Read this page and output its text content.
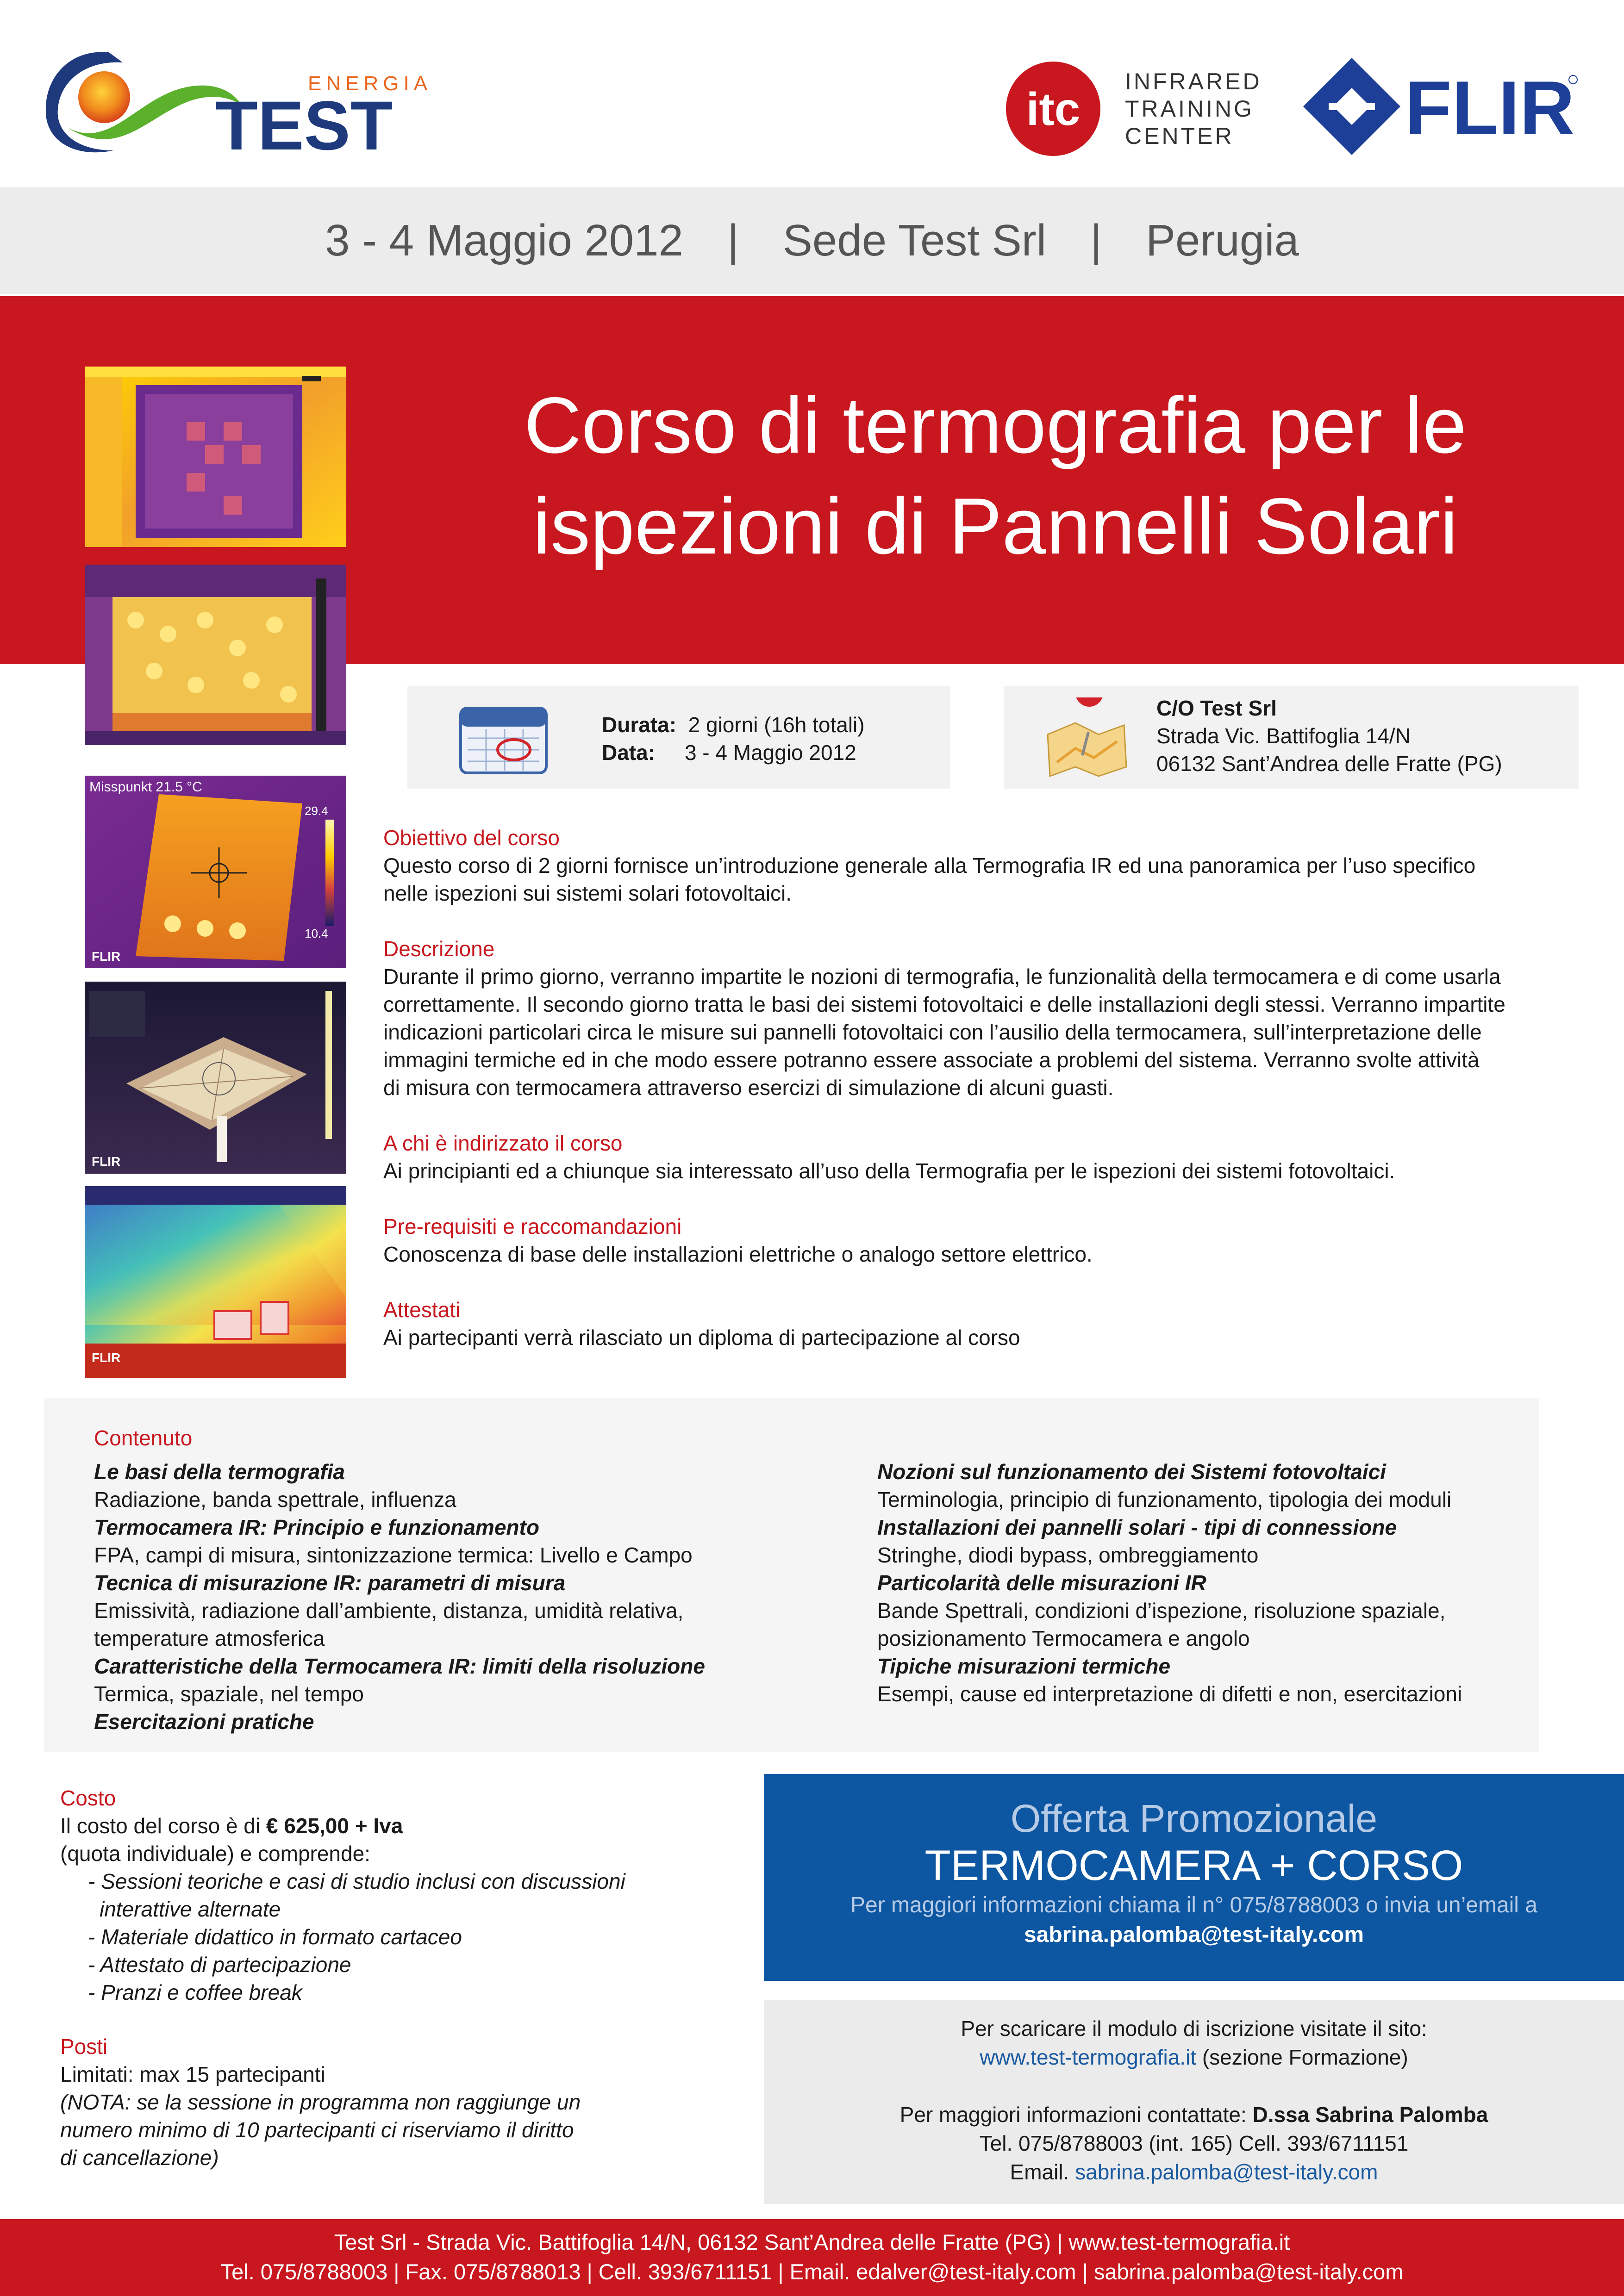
ENERGIA
TEST	itc
INFRARED
TRAINING
CENTER FLIR
3 - 4 Maggio 2012 | Sede Test Srl | Perugia
Corso di termografia per le
ispezioni di Pannelli Solari
Misspunkt 21.5 °C
29.4
10.4
FLIR
FLIR
FLIR
Durata: 2 giorni (16h totali)
Data: 3 - 4 Maggio 2012
C/O Test Srl
Strada Vic. Battifoglia 14/N
06132 Sant’Andrea delle Fratte (PG)
Obiettivo del corso
Questo corso di 2 giorni fornisce un’introduzione generale alla Termografia IR ed una panoramica per l’uso specifico
nelle ispezioni sui sistemi solari fotovoltaici.
Descrizione
Durante il primo giorno, verranno impartite le nozioni di termografia, le funzionalità della termocamera e di come usarla
correttamente. Il secondo giorno tratta le basi dei sistemi fotovoltaici e delle installazioni degli stessi. Verranno impartite
indicazioni particolari circa le misure sui pannelli fotovoltaici con l’ausilio della termocamera, sull’interpretazione delle
immagini termiche ed in che modo essere potranno essere associate a problemi del sistema. Verranno svolte attività
di misura con termocamera attraverso esercizi di simulazione di alcuni guasti.
A chi è indirizzato il corso
Ai principianti ed a chiunque sia interessato all’uso della Termografia per le ispezioni dei sistemi fotovoltaici.
Pre-requisiti e raccomandazioni
Conoscenza di base delle installazioni elettriche o analogo settore elettrico.
Attestati
Ai partecipanti verrà rilasciato un diploma di partecipazione al corso
Contenuto
Le basi della termografia
Radiazione, banda spettrale, influenza
Termocamera IR: Principio e funzionamento
FPA, campi di misura, sintonizzazione termica: Livello e Campo
Tecnica di misurazione IR: parametri di misura
Emissività, radiazione dall’ambiente, distanza, umidità relativa,
temperature atmosferica
Caratteristiche della Termocamera IR: limiti della risoluzione
Termica, spaziale, nel tempo
Esercitazioni pratiche
Nozioni sul funzionamento dei Sistemi fotovoltaici
Terminologia, principio di funzionamento, tipologia dei moduli
Installazioni dei pannelli solari - tipi di connessione
Stringhe, diodi bypass, ombreggiamento
Particolarità delle misurazioni IR
Bande Spettrali, condizioni d’ispezione, risoluzione spaziale,
posizionamento Termocamera e angolo
Tipiche misurazioni termiche
Esempi, cause ed interpretazione di difetti e non, esercitazioni
Costo
Il costo del corso è di € 625,00 + Iva
(quota individuale) e comprende:
- Sessioni teoriche e casi di studio inclusi con discussioni
interattive alternate
- Materiale didattico in formato cartaceo
- Attestato di partecipazione
- Pranzi e coffee break
Posti
Limitati: max 15 partecipanti
(NOTA: se la sessione in programma non raggiunge un
numero minimo di 10 partecipanti ci riserviamo il diritto
di cancellazione)
Offerta Promozionale
TERMOCAMERA + CORSO
Per maggiori informazioni chiama il n° 075/8788003 o invia un’email a
sabrina.palomba@test-italy.com
Per scaricare il modulo di iscrizione visitate il sito:
www.test-termografia.it (sezione Formazione)
Per maggiori informazioni contattate: D.ssa Sabrina Palomba
Tel. 075/8788003 (int. 165) Cell. 393/6711151
Email. sabrina.palomba@test-italy.com
Test Srl - Strada Vic. Battifoglia 14/N, 06132 Sant’Andrea delle Fratte (PG) | www.test-termografia.it
Tel. 075/8788003 | Fax. 075/8788013 | Cell. 393/6711151 | Email. edalver@test-italy.com | sabrina.palomba@test-italy.com
